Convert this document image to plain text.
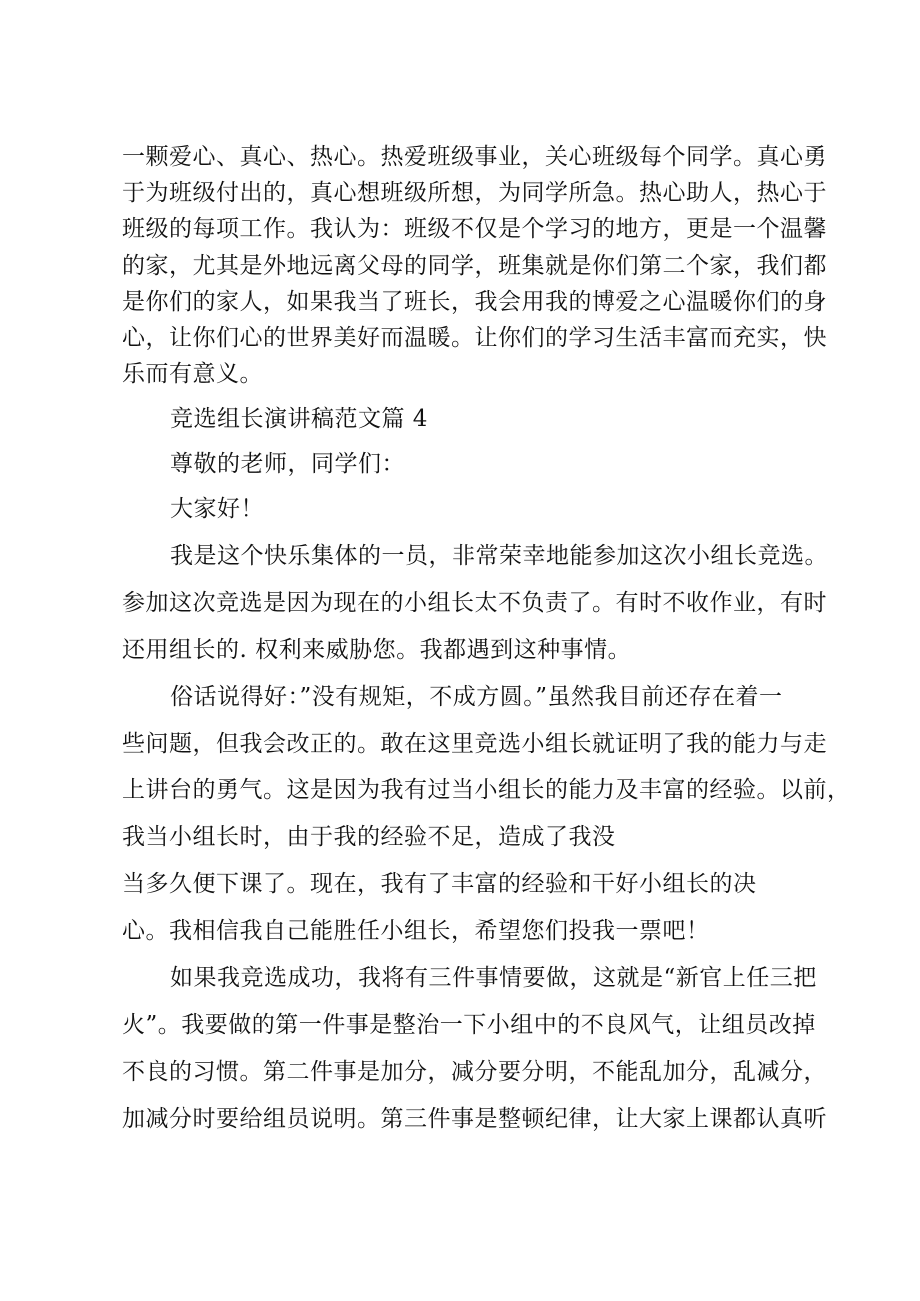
一颗爱心、真心、热心。热爱班级事业，关心班级每个同学。真心勇
于为班级付出的，真心想班级所想，为同学所急。热心助人，热心于
班级的每项工作。我认为：班级不仅是个学习的地方，更是一个温馨
的家，尤其是外地远离父母的同学，班集就是你们第二个家，我们都
是你们的家人，如果我当了班长，我会用我的博爱之心温暖你们的身
心，让你们心的世界美好而温暖。让你们的学习生活丰富而充实，快
乐而有意义。
竞选组长演讲稿范文篇 4
尊敬的老师，同学们：
大家好！
我是这个快乐集体的一员，非常荣幸地能参加这次小组长竞选。
参加这次竞选是因为现在的小组长太不负责了。有时不收作业，有时
还用组长的. 权利来威胁您。我都遇到这种事情。
俗话说得好：”没有规矩，不成方圆。”虽然我目前还存在着一
些问题，但我会改正的。敢在这里竞选小组长就证明了我的能力与走
上讲台的勇气。这是因为我有过当小组长的能力及丰富的经验。以前，
我当小组长时，由于我的经验不足，造成了我没
当多久便下课了。现在，我有了丰富的经验和干好小组长的决
心。我相信我自己能胜任小组长，希望您们投我一票吧！
如果我竞选成功，我将有三件事情要做，这就是“新官上任三把
火”。我要做的第一件事是整治一下小组中的不良风气，让组员改掉
不良的习惯。第二件事是加分，减分要分明，不能乱加分，乱减分，
加减分时要给组员说明。第三件事是整顿纪律，让大家上课都认真听
